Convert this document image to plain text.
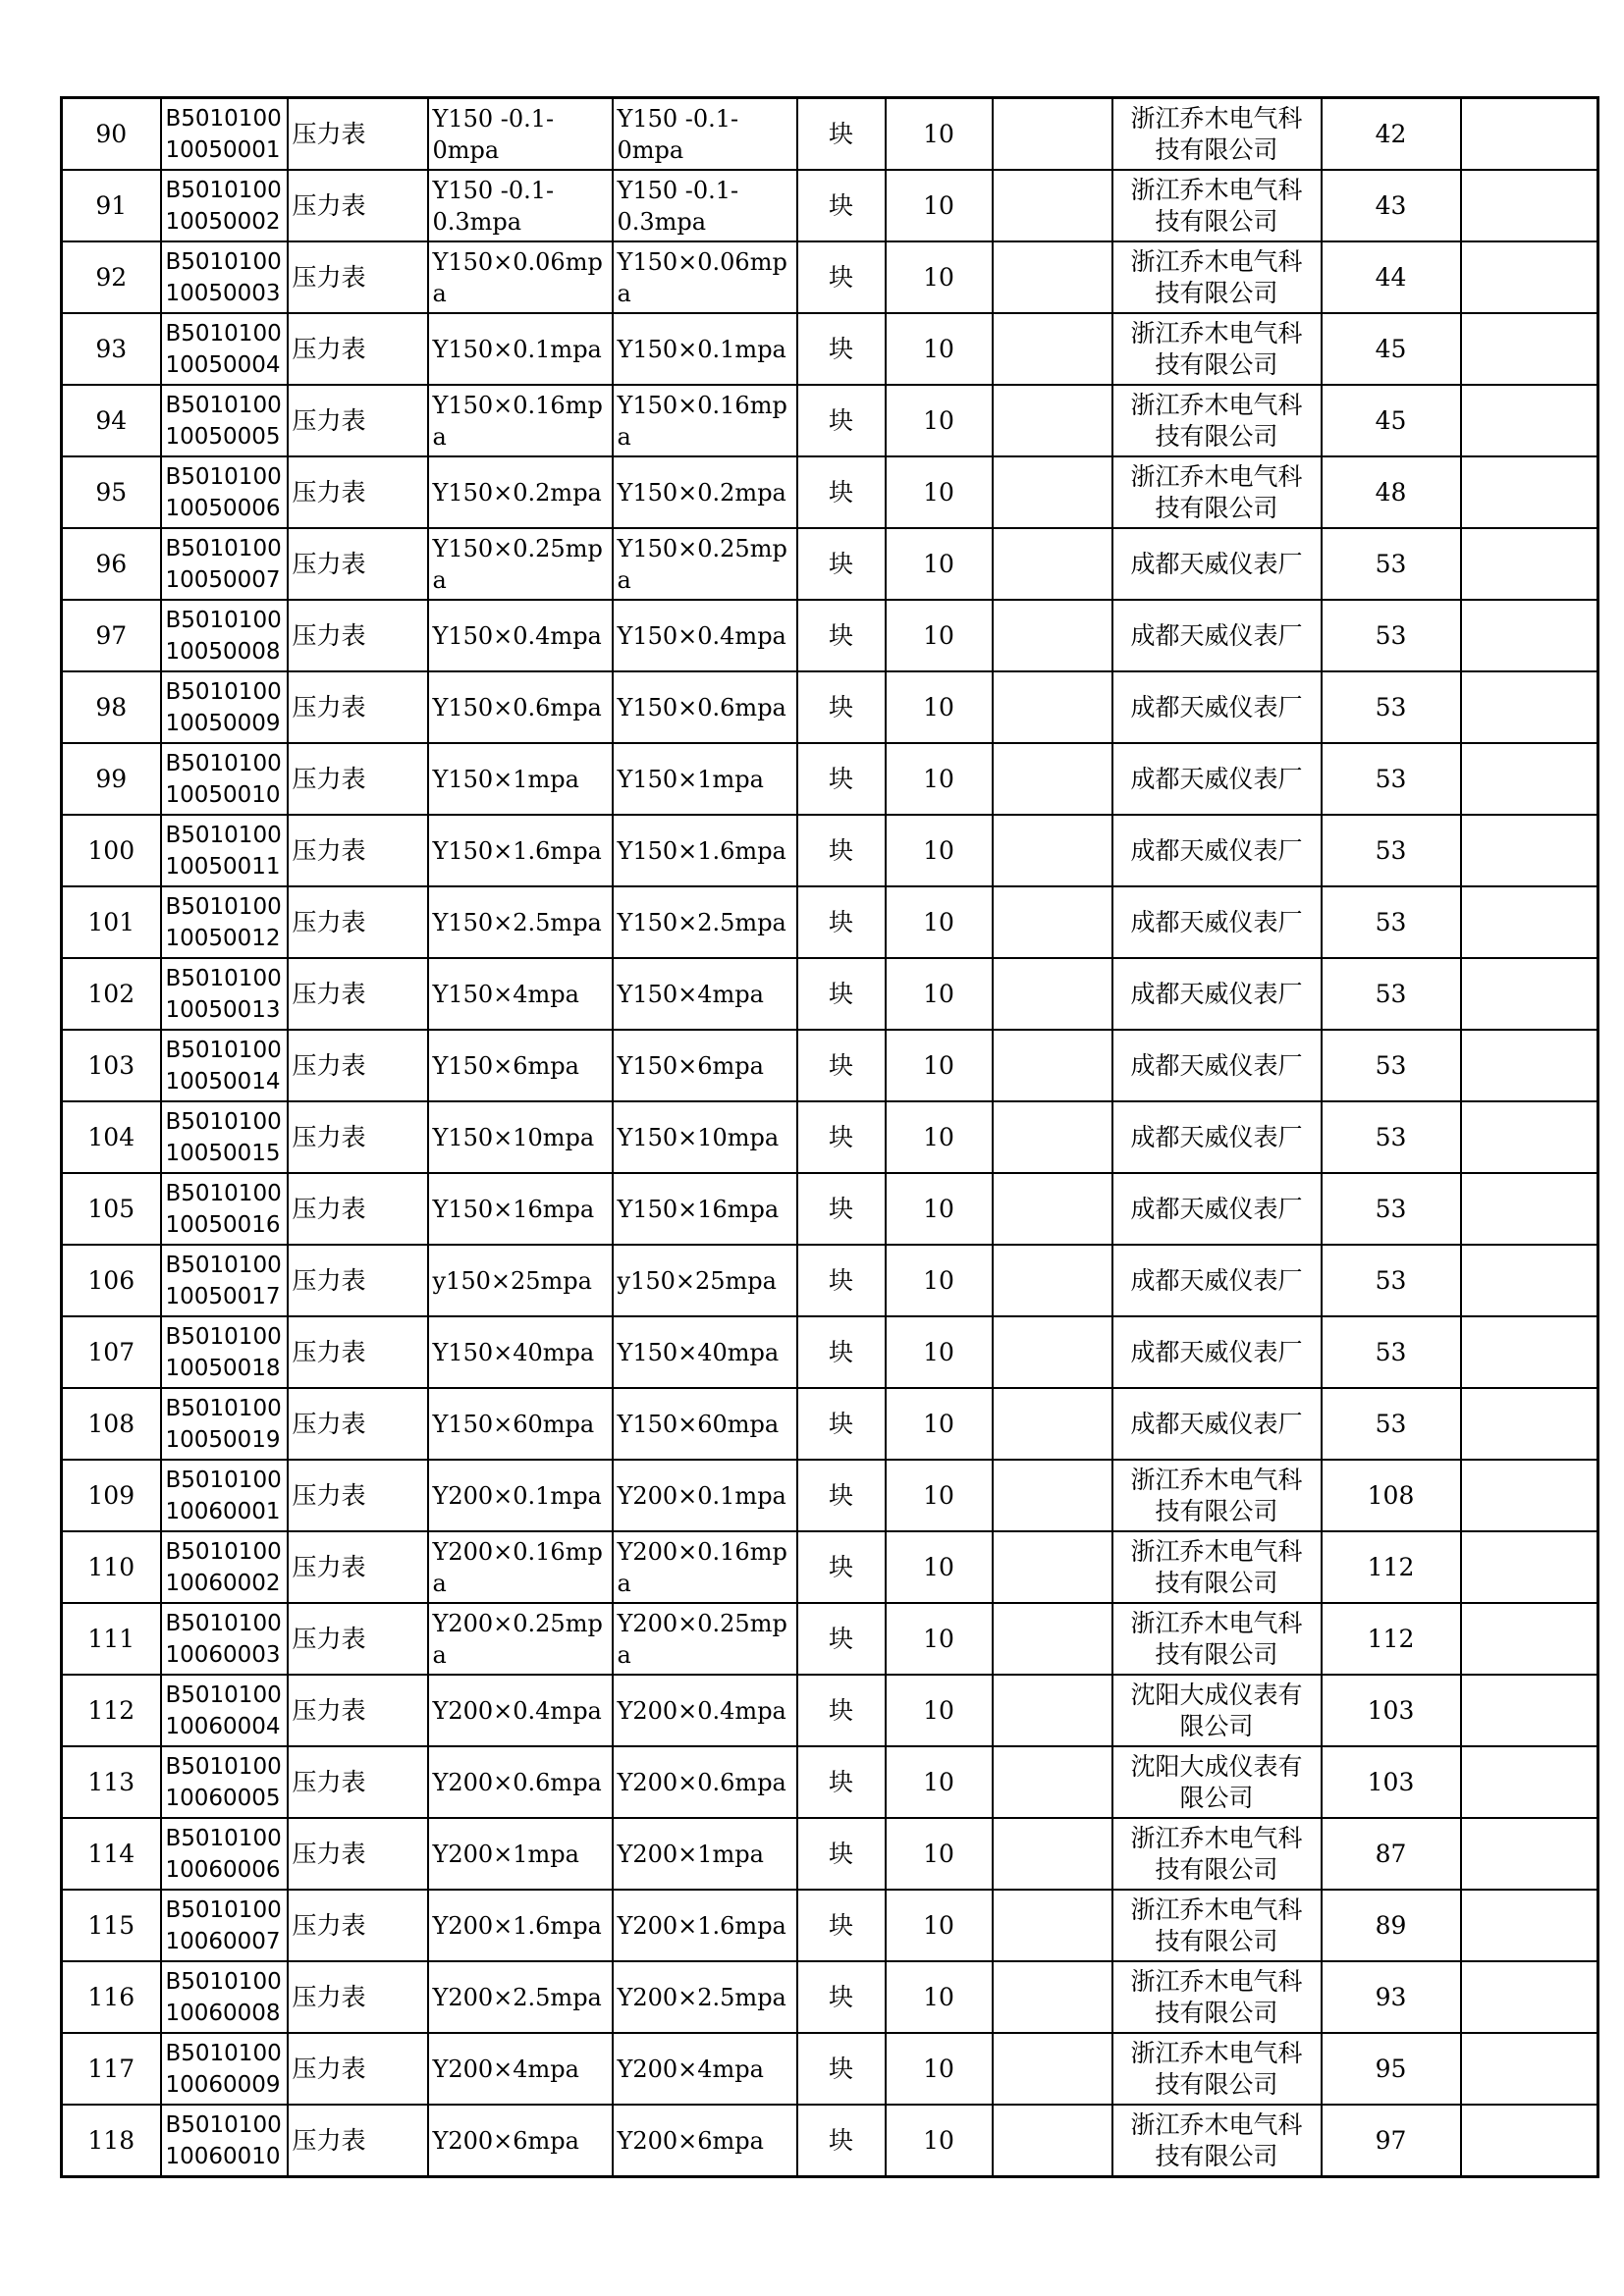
90	B5010100
10050001	压力表	Y150 -0.1-
0mpa	Y150 -0.1-
0mpa	块	10		浙江乔木电气科
技有限公司	42	
91	B5010100
10050002	压力表	Y150 -0.1-
0.3mpa	Y150 -0.1-
0.3mpa	块	10		浙江乔木电气科
技有限公司	43	
92	B5010100
10050003	压力表	Y150×0.06mp
a	Y150×0.06mp
a	块	10		浙江乔木电气科
技有限公司	44	
93	B5010100
10050004	压力表	Y150×0.1mpa	Y150×0.1mpa	块	10		浙江乔木电气科
技有限公司	45	
94	B5010100
10050005	压力表	Y150×0.16mp
a	Y150×0.16mp
a	块	10		浙江乔木电气科
技有限公司	45	
95	B5010100
10050006	压力表	Y150×0.2mpa	Y150×0.2mpa	块	10		浙江乔木电气科
技有限公司	48	
96	B5010100
10050007	压力表	Y150×0.25mp
a	Y150×0.25mp
a	块	10		成都天威仪表厂	53	
97	B5010100
10050008	压力表	Y150×0.4mpa	Y150×0.4mpa	块	10		成都天威仪表厂	53	
98	B5010100
10050009	压力表	Y150×0.6mpa	Y150×0.6mpa	块	10		成都天威仪表厂	53	
99	B5010100
10050010	压力表	Y150×1mpa	Y150×1mpa	块	10		成都天威仪表厂	53	
100	B5010100
10050011	压力表	Y150×1.6mpa	Y150×1.6mpa	块	10		成都天威仪表厂	53	
101	B5010100
10050012	压力表	Y150×2.5mpa	Y150×2.5mpa	块	10		成都天威仪表厂	53	
102	B5010100
10050013	压力表	Y150×4mpa	Y150×4mpa	块	10		成都天威仪表厂	53	
103	B5010100
10050014	压力表	Y150×6mpa	Y150×6mpa	块	10		成都天威仪表厂	53	
104	B5010100
10050015	压力表	Y150×10mpa	Y150×10mpa	块	10		成都天威仪表厂	53	
105	B5010100
10050016	压力表	Y150×16mpa	Y150×16mpa	块	10		成都天威仪表厂	53	
106	B5010100
10050017	压力表	y150×25mpa	y150×25mpa	块	10		成都天威仪表厂	53	
107	B5010100
10050018	压力表	Y150×40mpa	Y150×40mpa	块	10		成都天威仪表厂	53	
108	B5010100
10050019	压力表	Y150×60mpa	Y150×60mpa	块	10		成都天威仪表厂	53	
109	B5010100
10060001	压力表	Y200×0.1mpa	Y200×0.1mpa	块	10		浙江乔木电气科
技有限公司	108	
110	B5010100
10060002	压力表	Y200×0.16mp
a	Y200×0.16mp
a	块	10		浙江乔木电气科
技有限公司	112	
111	B5010100
10060003	压力表	Y200×0.25mp
a	Y200×0.25mp
a	块	10		浙江乔木电气科
技有限公司	112	
112	B5010100
10060004	压力表	Y200×0.4mpa	Y200×0.4mpa	块	10		沈阳大成仪表有
限公司	103	
113	B5010100
10060005	压力表	Y200×0.6mpa	Y200×0.6mpa	块	10		沈阳大成仪表有
限公司	103	
114	B5010100
10060006	压力表	Y200×1mpa	Y200×1mpa	块	10		浙江乔木电气科
技有限公司	87	
115	B5010100
10060007	压力表	Y200×1.6mpa	Y200×1.6mpa	块	10		浙江乔木电气科
技有限公司	89	
116	B5010100
10060008	压力表	Y200×2.5mpa	Y200×2.5mpa	块	10		浙江乔木电气科
技有限公司	93	
117	B5010100
10060009	压力表	Y200×4mpa	Y200×4mpa	块	10		浙江乔木电气科
技有限公司	95	
118	B5010100
10060010	压力表	Y200×6mpa	Y200×6mpa	块	10		浙江乔木电气科
技有限公司	97	
